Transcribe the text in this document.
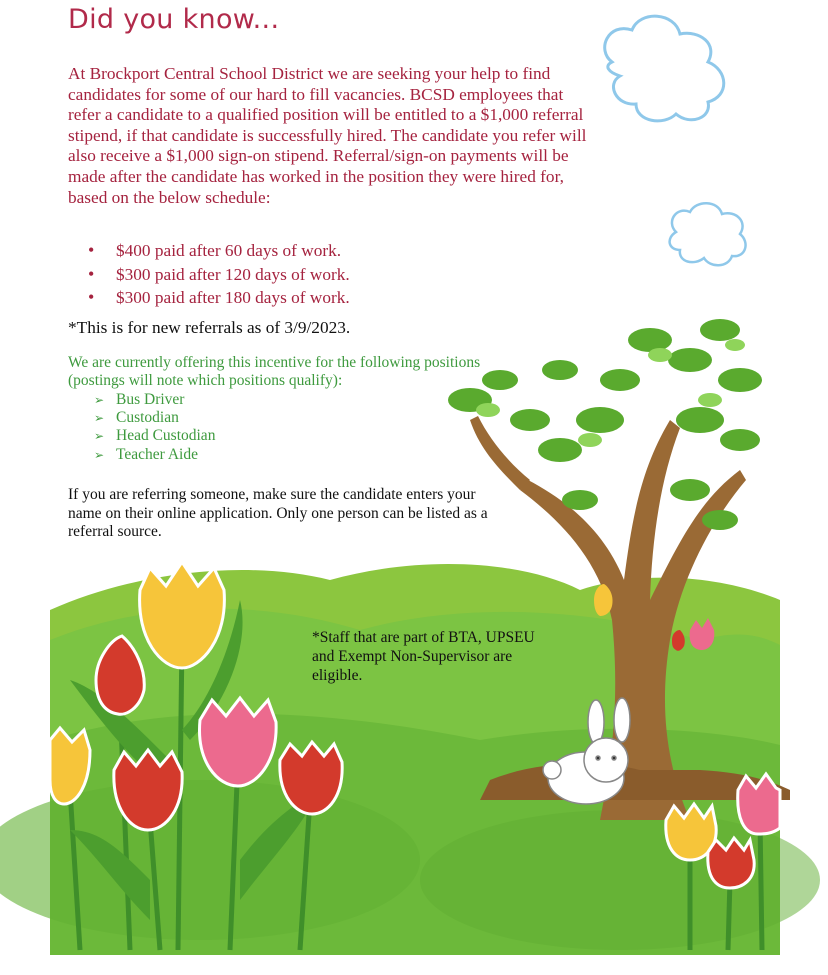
Did you know...

At Brockport Central School District we are seeking your help to find candidates for some of our hard to fill vacancies. BCSD employees that refer a candidate to a qualified position will be entitled to a $1,000 referral stipend, if that candidate is successfully hired. The candidate you refer will also receive a $1,000 sign-on stipend. Referral/sign-on payments will be made after the candidate has worked in the position they were hired for, based on the below schedule:

• $400 paid after 60 days of work.
• $300 paid after 120 days of work.
• $300 paid after 180 days of work.
*This is for new referrals as of 3/9/2023.
We are currently offering this incentive for the following positions (postings will note which positions qualify):
➢ Bus Driver
➢ Custodian
➢ Head Custodian
➢ Teacher Aide
If you are referring someone, make sure the candidate enters your name on their online application. Only one person can be listed as a referral source.
*Staff that are part of BTA, UPSEU and Exempt Non-Supervisor are eligible.
